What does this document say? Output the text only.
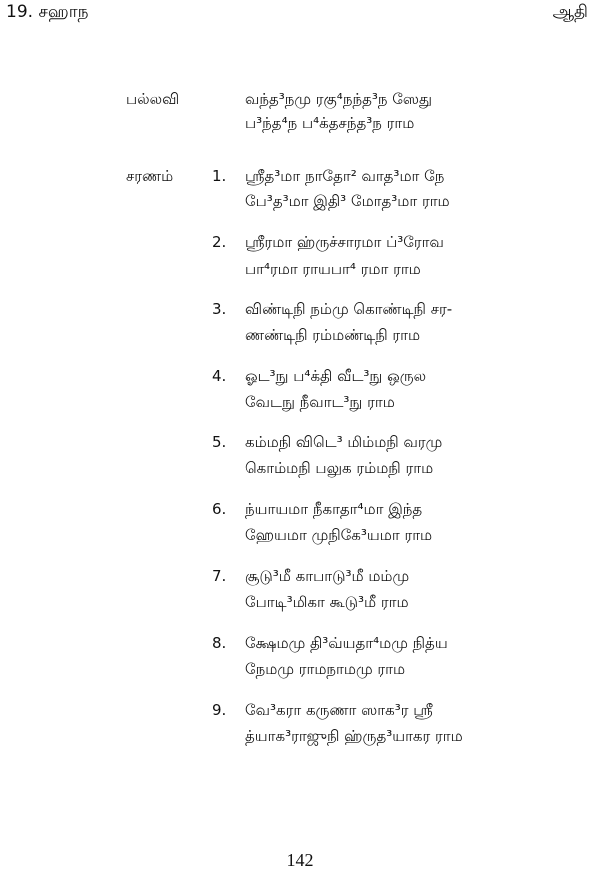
19. சஹாந	ஆதி
பல்லவி	வந்த³நமு ரகு⁴நந்த³ந ஸேது
ப³ந்த⁴ந ப⁴க்தசந்த³ந ராம
சரணம்	1.	ஸ்ரீத³மா நாதோ² வாத³மா நே
பே³த³மா இதி³ மோத³மா ராம
2.	ஸ்ரீரமா ஹ்ருச்சாரமா ப்³ரோவ
பா⁴ரமா ராயபா⁴ ரமா ராம
3.	விண்டிநி நம்மு கொண்டிநி சர-
ணண்டிநி ரம்மண்டிநி ராம
4.	ஓட³நு ப⁴க்தி வீட³நு ஒருல
வேடநு நீவாட³நு ராம
5.	கம்மநி விடெ³ மிம்மநி வரமு
கொம்மநி பலுக ரம்மநி ராம
6.	ந்யாயமா நீகாதா⁴மா இந்த
ஹேயமா முநிகே³யமா ராம
7.	சூடு³மீ காபாடு³மீ மம்மு
போடி³மிகா கூடு³மீ ராம
8.	க்ஷேமமு தி³வ்யதா⁴மமு நித்ய
நேமமு ராமநாமமு ராம
9.	வே³கரா கருணா ஸாக³ர ஸ்ரீ
த்யாக³ராஜுநி ஹ்ருத³யாகர ராம
142
